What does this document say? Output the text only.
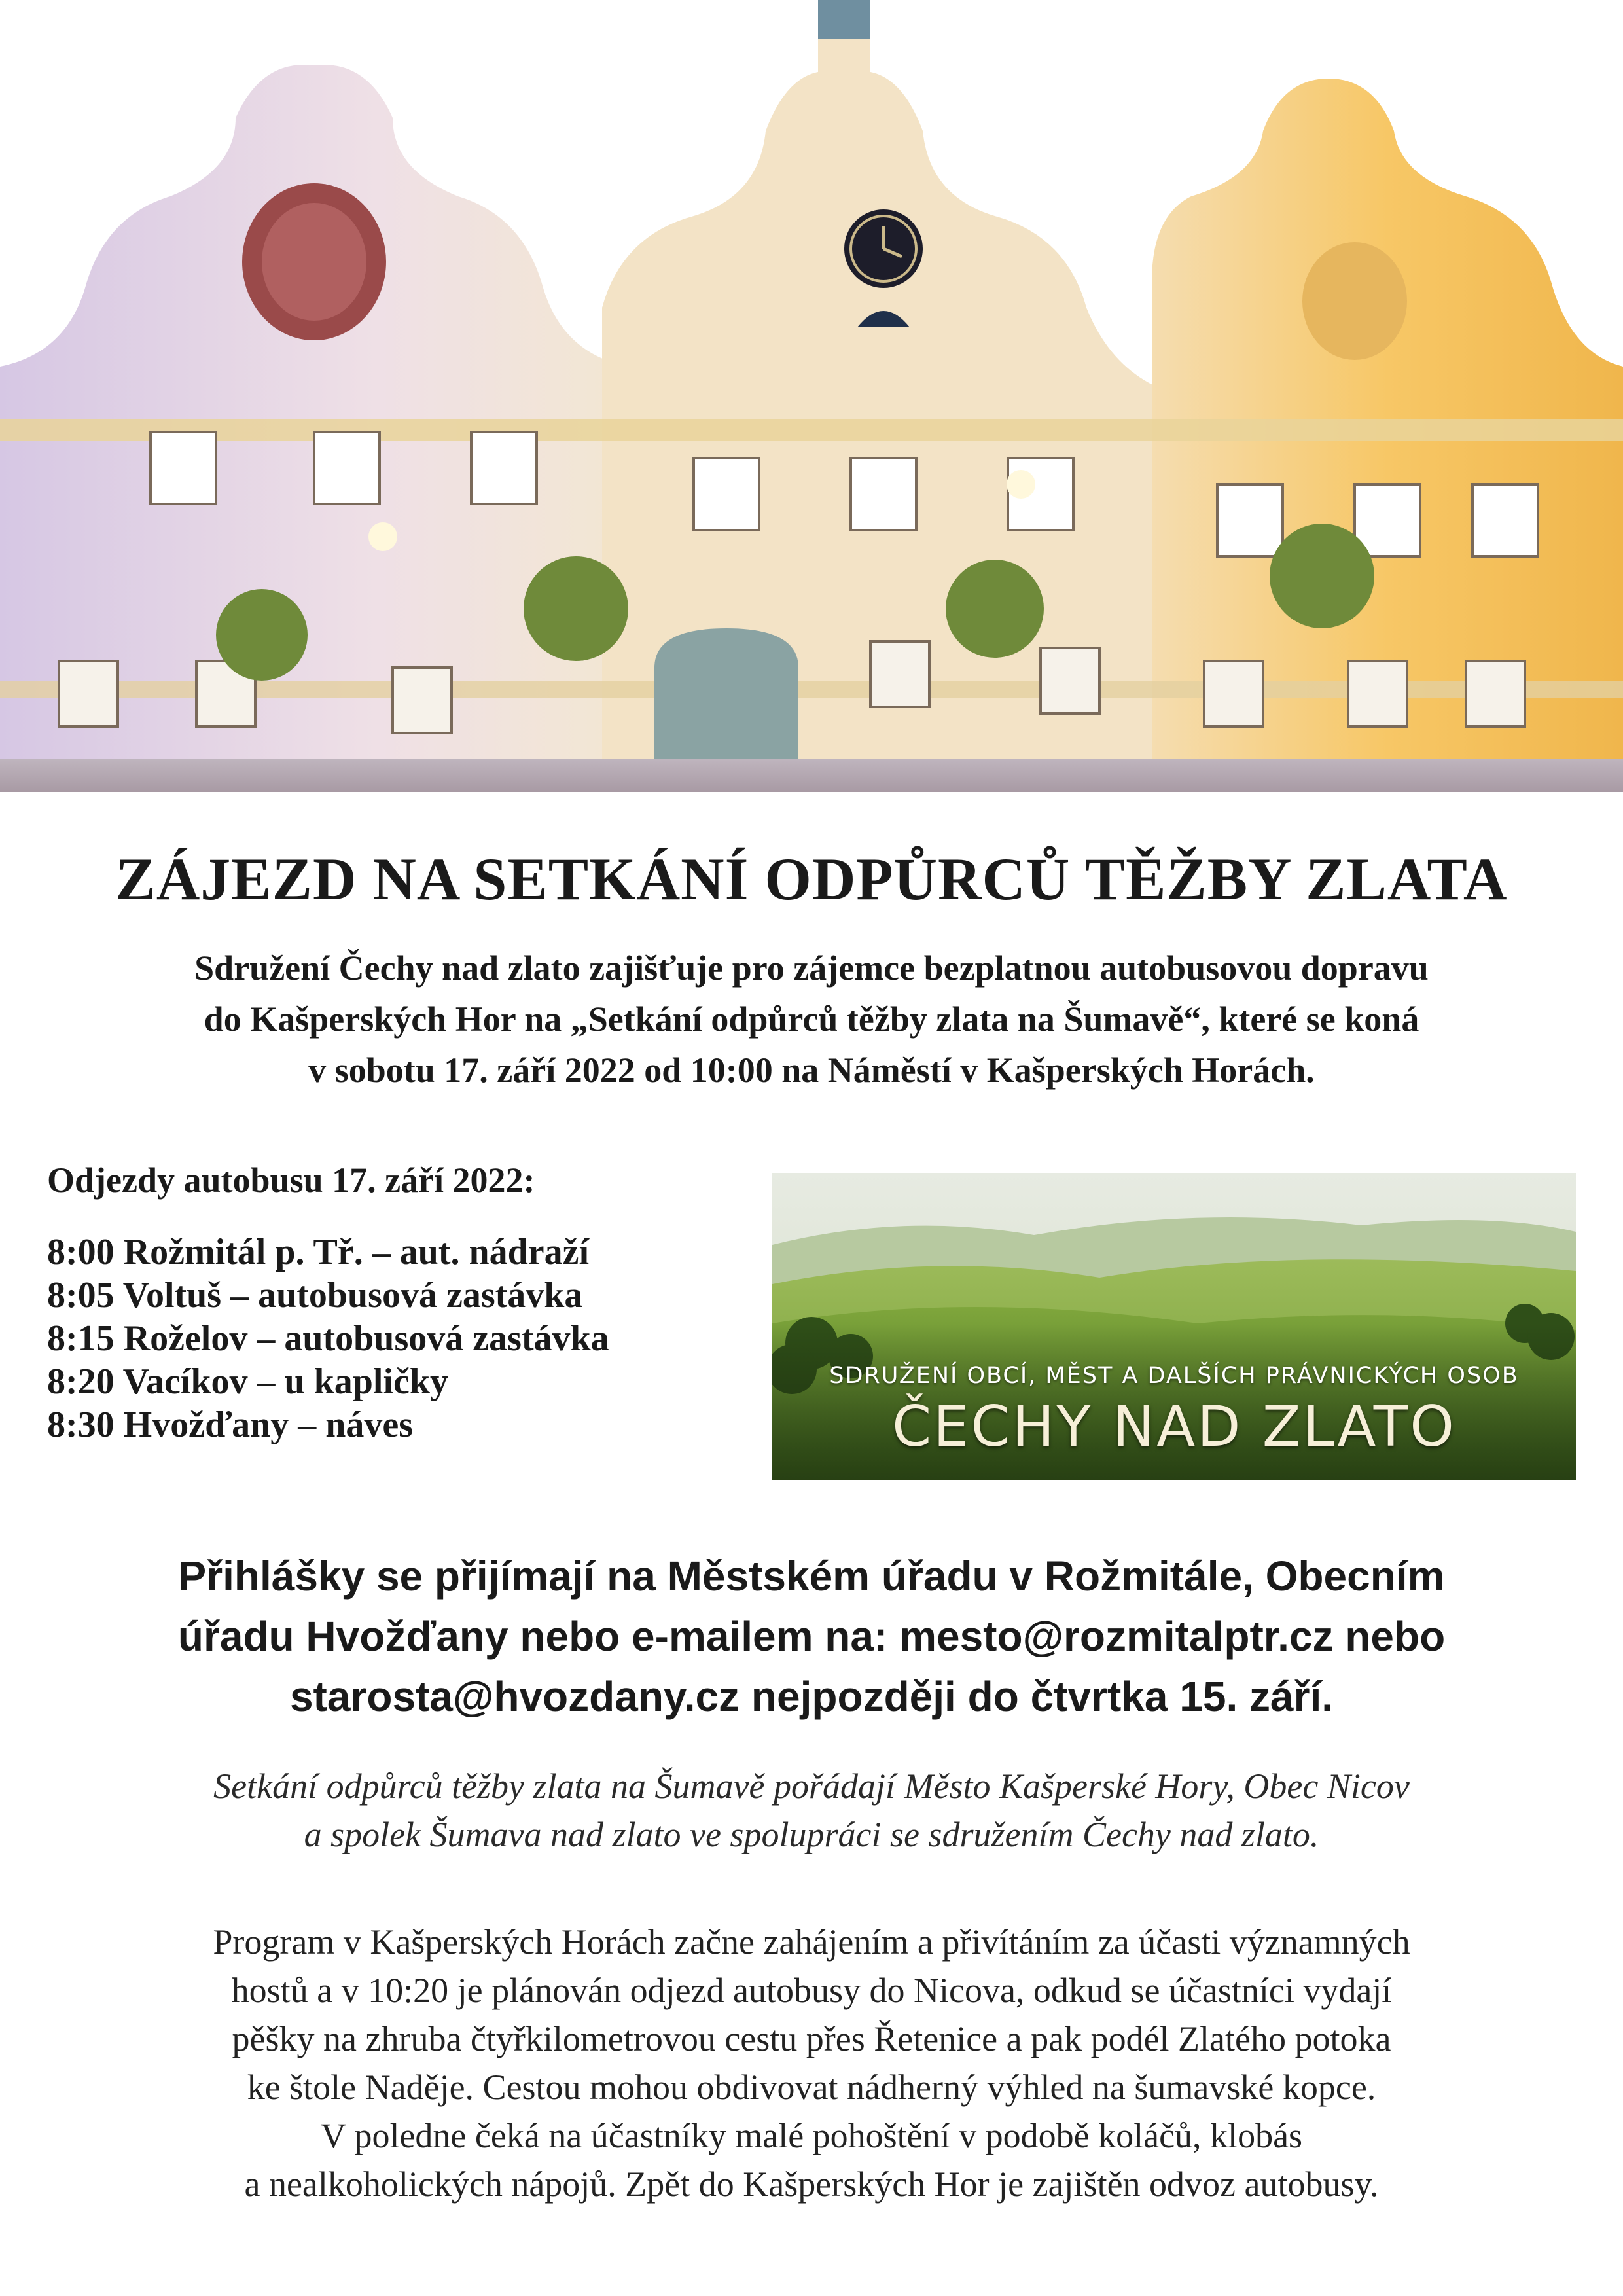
ZÁJEZD NA SETKÁNÍ ODPŮRCŮ TĚŽBY ZLATA

Sdružení Čechy nad zlato zajišťuje pro zájemce bezplatnou autobusovou dopravu

do Kašperských Hor na „Setkání odpůrců těžby zlata na Šumavě“, které se koná

v sobotu 17. září 2022 od 10:00 na Náměstí v Kašperských Horách.

Odjezdy autobusu 17. září 2022:
8:00 Rožmitál p. Tř. – aut. nádraží
8:05 Voltuš – autobusová zastávka
8:15 Roželov – autobusová zastávka
8:20 Vacíkov – u kapličky
8:30 Hvožďany – náves
SDRUŽENÍ OBCÍ, MĚST A DALŠÍCH PRÁVNICKÝCH OSOB
ČECHY NAD ZLATO

Přihlášky se přijímají na Městském úřadu v Rožmitále, Obecním

úřadu Hvožďany nebo e-mailem na: mesto@rozmitalptr.cz nebo

starosta@hvozdany.cz nejpozději do čtvrtka 15. září.

Setkání odpůrců těžby zlata na Šumavě pořádají Město Kašperské Hory, Obec Nicov

a spolek Šumava nad zlato ve spolupráci se sdružením Čechy nad zlato.

Program v Kašperských Horách začne zahájením a přivítáním za účasti významných

hostů a v 10:20 je plánován odjezd autobusy do Nicova, odkud se účastníci vydají

pěšky na zhruba čtyřkilometrovou cestu přes Řetenice a pak podél Zlatého potoka

ke štole Naděje. Cestou mohou obdivovat nádherný výhled na šumavské kopce.

V poledne čeká na účastníky malé pohoštění v podobě koláčů, klobás

a nealkoholických nápojů. Zpět do Kašperských Hor je zajištěn odvoz autobusy.
